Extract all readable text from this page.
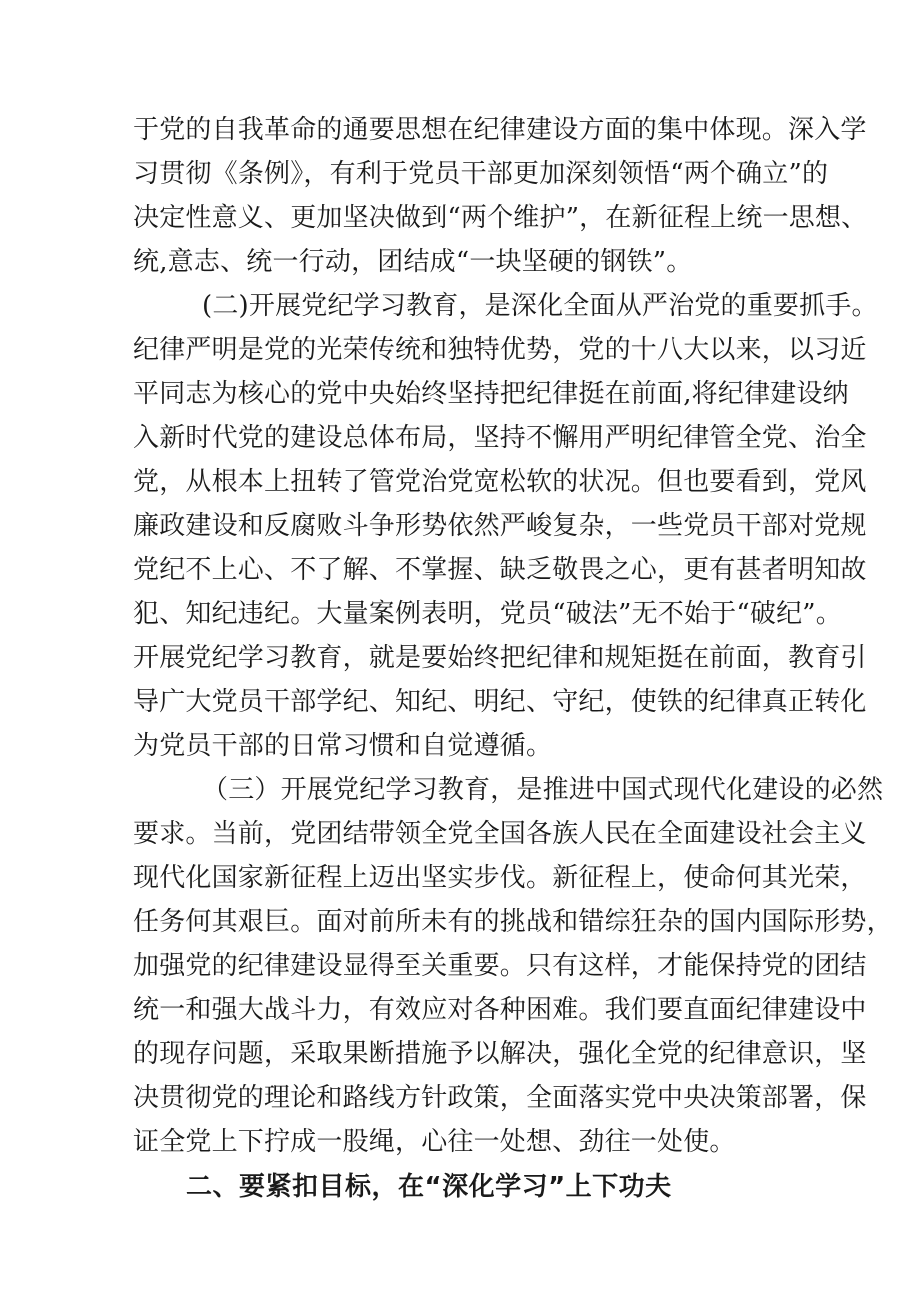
于党的自我革命的通要思想在纪律建设方面的集中体现。深入学
习贯彻《条例》，有利于党员干部更加深刻领悟“两个确立”的
决定性意义、更加坚决做到“两个维护”，在新征程上统一思想、
统,意志、统一行动，团结成“一块坚硬的钢铁”。
(二)开展党纪学习教育，是深化全面从严治党的重要抓手。
纪律严明是党的光荣传统和独特优势，党的十八大以来，以习近
平同志为核心的党中央始终坚持把纪律挺在前面,将纪律建设纳
入新时代党的建设总体布局，坚持不懈用严明纪律管全党、治全
党，从根本上扭转了管党治党宽松软的状况。但也要看到，党风
廉政建设和反腐败斗争形势依然严峻复杂，一些党员干部对党规
党纪不上心、不了解、不掌握、缺乏敬畏之心，更有甚者明知故
犯、知纪违纪。大量案例表明，党员“破法”无不始于“破纪”。
开展党纪学习教育，就是要始终把纪律和规矩挺在前面，教育引
导广大党员干部学纪、知纪、明纪、守纪，使铁的纪律真正转化
为党员干部的日常习惯和自觉遵循。
（三）开展党纪学习教育，是推进中国式现代化建设的必然
要求。当前，党团结带领全党全国各族人民在全面建设社会主义
现代化国家新征程上迈出坚实步伐。新征程上，使命何其光荣，
任务何其艰巨。面对前所未有的挑战和错综狂杂的国内国际形势，
加强党的纪律建设显得至关重要。只有这样，才能保持党的团结
统一和强大战斗力，有效应对各种困难。我们要直面纪律建设中
的现存问题，采取果断措施予以解决，强化全党的纪律意识，坚
决贯彻党的理论和路线方针政策，全面落实党中央决策部署，保
证全党上下拧成一股绳，心往一处想、劲往一处使。
二、要紧扣目标，在“深化学习”上下功夫
